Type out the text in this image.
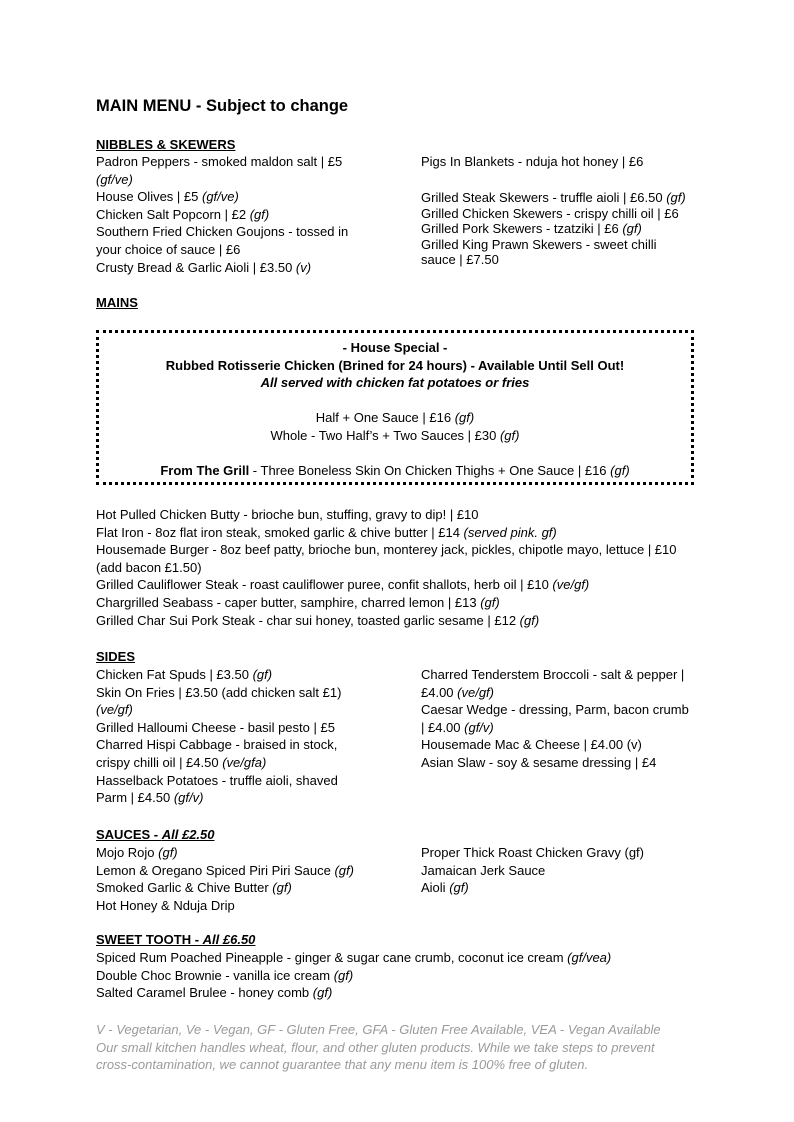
MAIN MENU - Subject to change
NIBBLES & SKEWERS
Padron Peppers - smoked maldon salt | £5
(gf/ve)
House Olives | £5 (gf/ve)
Chicken Salt Popcorn | £2 (gf)
Southern Fried Chicken Goujons - tossed in
your choice of sauce | £6
Crusty Bread & Garlic Aioli | £3.50 (v)
Pigs In Blankets - nduja hot honey | £6
Grilled Steak Skewers - truffle aioli | £6.50 (gf)
Grilled Chicken Skewers - crispy chilli oil | £6
Grilled Pork Skewers - tzatziki | £6 (gf)
Grilled King Prawn Skewers - sweet chilli
sauce | £7.50
MAINS
- House Special -
Rubbed Rotisserie Chicken (Brined for 24 hours) - Available Until Sell Out!
All served with chicken fat potatoes or fries
Half + One Sauce | £16 (gf)
Whole - Two Half’s + Two Sauces | £30 (gf)
From The Grill - Three Boneless Skin On Chicken Thighs + One Sauce | £16 (gf)
Hot Pulled Chicken Butty - brioche bun, stuffing, gravy to dip! | £10
Flat Iron - 8oz flat iron steak, smoked garlic & chive butter | £14 (served pink. gf)
Housemade Burger - 8oz beef patty, brioche bun, monterey jack, pickles, chipotle mayo, lettuce | £10
(add bacon £1.50)
Grilled Cauliflower Steak - roast cauliflower puree, confit shallots, herb oil | £10 (ve/gf)
Chargrilled Seabass - caper butter, samphire, charred lemon | £13 (gf)
Grilled Char Sui Pork Steak - char sui honey, toasted garlic sesame | £12 (gf)
SIDES
Chicken Fat Spuds | £3.50 (gf)
Skin On Fries | £3.50 (add chicken salt £1)
(ve/gf)
Grilled Halloumi Cheese - basil pesto | £5
Charred Hispi Cabbage - braised in stock,
crispy chilli oil | £4.50 (ve/gfa)
Hasselback Potatoes - truffle aioli, shaved
Parm | £4.50 (gf/v)
Charred Tenderstem Broccoli - salt & pepper |
£4.00 (ve/gf)
Caesar Wedge - dressing, Parm, bacon crumb
| £4.00 (gf/v)
Housemade Mac & Cheese | £4.00 (v)
Asian Slaw - soy & sesame dressing | £4
SAUCES - All £2.50
Mojo Rojo (gf)
Lemon & Oregano Spiced Piri Piri Sauce (gf)
Smoked Garlic & Chive Butter (gf)
Hot Honey & Nduja Drip
Proper Thick Roast Chicken Gravy (gf)
Jamaican Jerk Sauce
Aioli (gf)
SWEET TOOTH - All £6.50
Spiced Rum Poached Pineapple - ginger & sugar cane crumb, coconut ice cream (gf/vea)
Double Choc Brownie - vanilla ice cream (gf)
Salted Caramel Brulee - honey comb (gf)
V - Vegetarian, Ve - Vegan, GF - Gluten Free, GFA - Gluten Free Available, VEA - Vegan Available
Our small kitchen handles wheat, flour, and other gluten products. While we take steps to prevent
cross-contamination, we cannot guarantee that any menu item is 100% free of gluten.
